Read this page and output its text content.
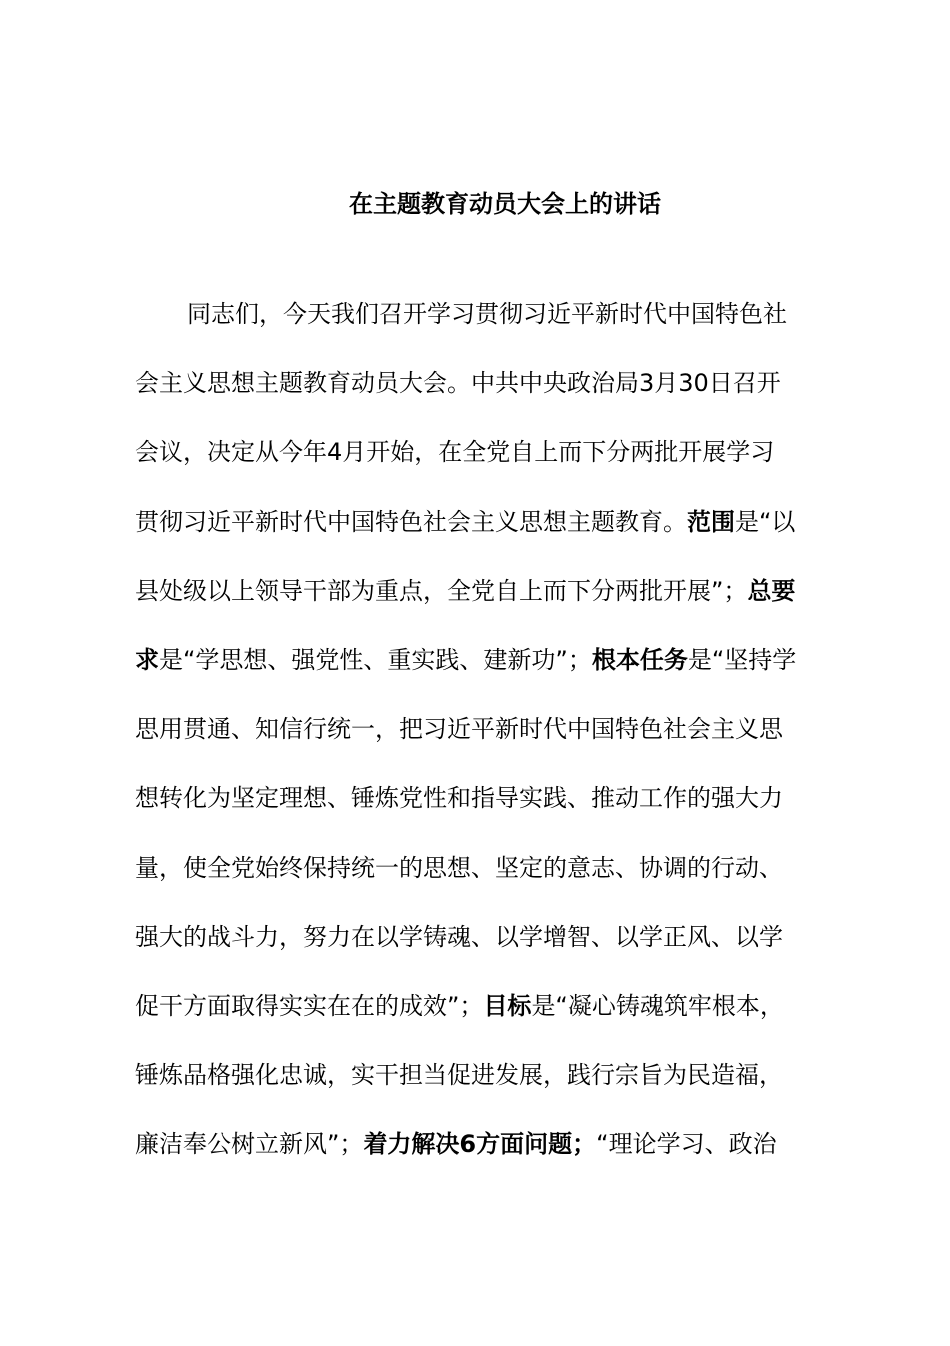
在主题教育动员大会上的讲话
同志们，今天我们召开学习贯彻习近平新时代中国特色社
会主义思想主题教育动员大会。中共中央政治局3月30日召开
会议，决定从今年4月开始，在全党自上而下分两批开展学习
贯彻习近平新时代中国特色社会主义思想主题教育。范围是“以
县处级以上领导干部为重点，全党自上而下分两批开展”；总要
求是“学思想、强党性、重实践、建新功”；根本任务是“坚持学
思用贯通、知信行统一，把习近平新时代中国特色社会主义思
想转化为坚定理想、锤炼党性和指导实践、推动工作的强大力
量，使全党始终保持统一的思想、坚定的意志、协调的行动、
强大的战斗力，努力在以学铸魂、以学增智、以学正风、以学
促干方面取得实实在在的成效”；目标是“凝心铸魂筑牢根本，
锤炼品格强化忠诚，实干担当促进发展，践行宗旨为民造福，
廉洁奉公树立新风”；着力解决6方面问题；“理论学习、政治
